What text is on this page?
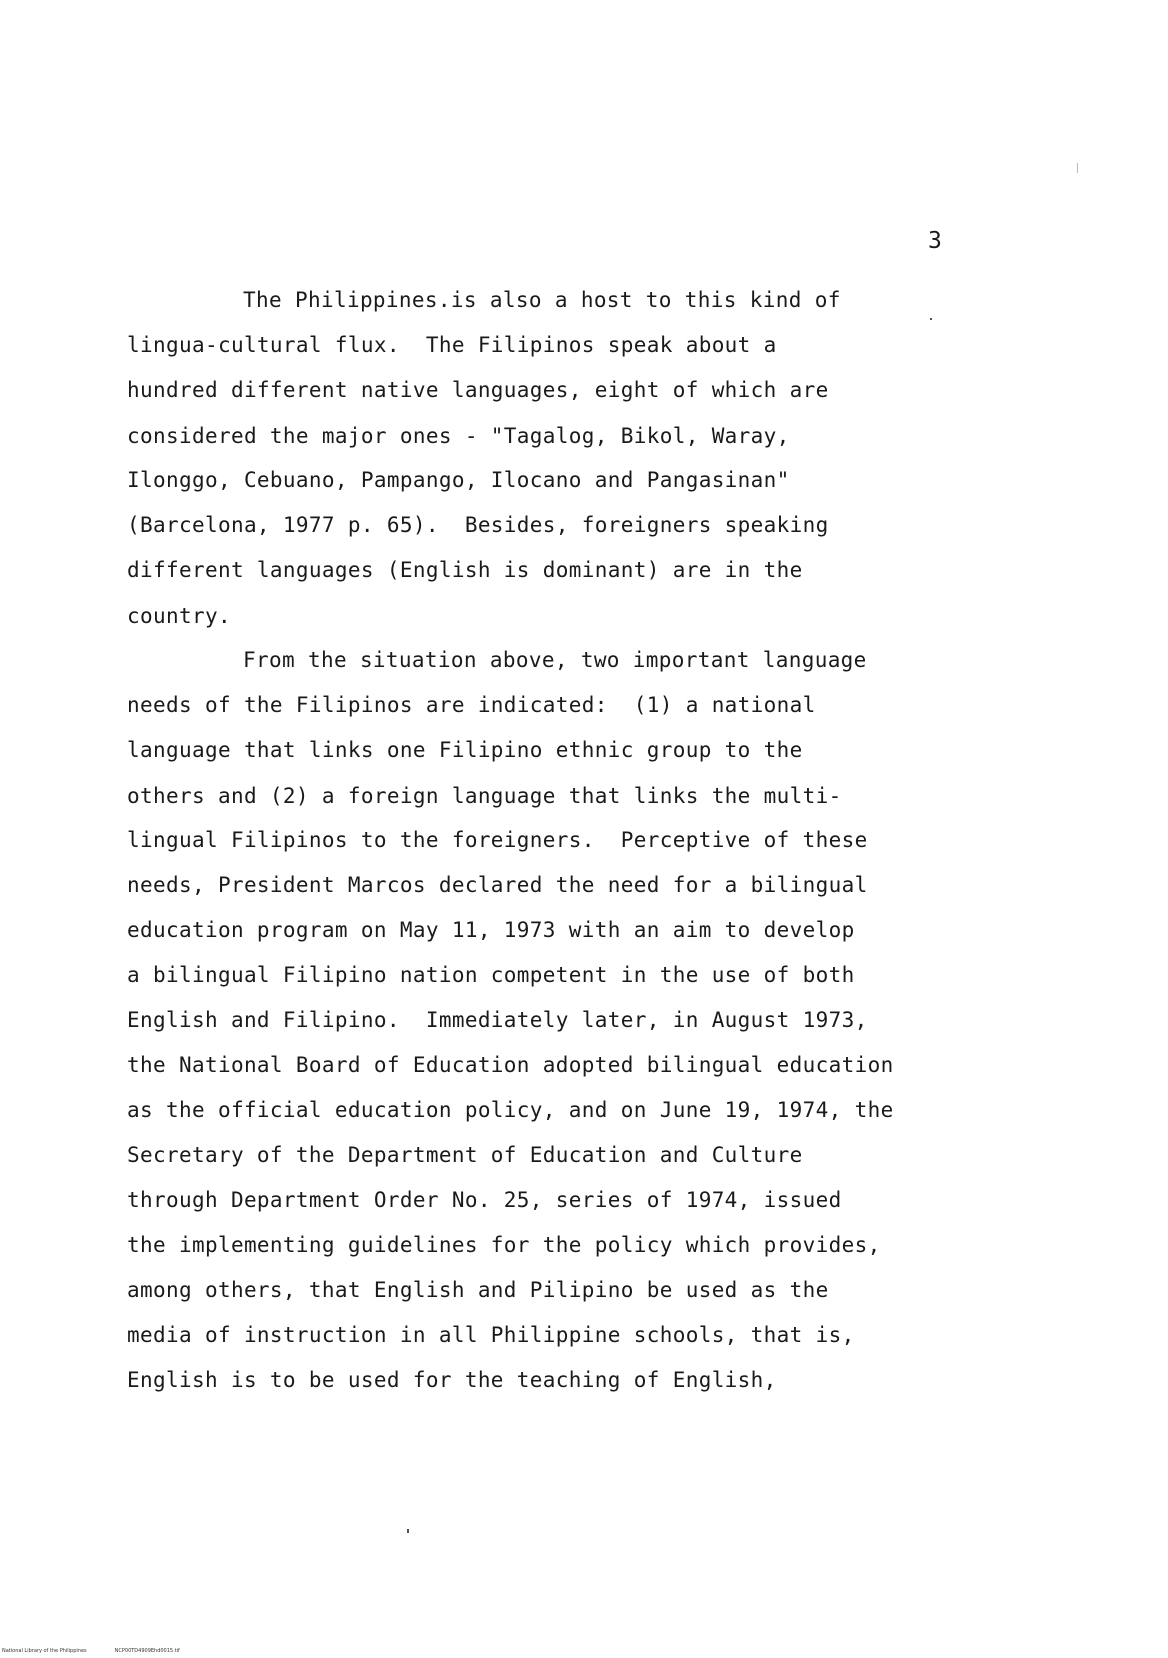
3
The Philippines.is also a host to this kind of
lingua-cultural flux.  The Filipinos speak about a
hundred different native languages, eight of which are
considered the major ones - "Tagalog, Bikol, Waray,
Ilonggo, Cebuano, Pampango, Ilocano and Pangasinan"
(Barcelona, 1977 p. 65).  Besides, foreigners speaking
different languages (English is dominant) are in the
country.
From the situation above, two important language
needs of the Filipinos are indicated:  (1) a national
language that links one Filipino ethnic group to the
others and (2) a foreign language that links the multi-
lingual Filipinos to the foreigners.  Perceptive of these
needs, President Marcos declared the need for a bilingual
education program on May 11, 1973 with an aim to develop
a bilingual Filipino nation competent in the use of both
English and Filipino.  Immediately later, in August 1973,
the National Board of Education adopted bilingual education
as the official education policy, and on June 19, 1974, the
Secretary of the Department of Education and Culture
through Department Order No. 25, series of 1974, issued
the implementing guidelines for the policy which provides,
among others, that English and Pilipino be used as the
media of instruction in all Philippine schools, that is,
English is to be used for the teaching of English,
National Library of the Philippines	NCP00TD4909Ehd0015.tif
